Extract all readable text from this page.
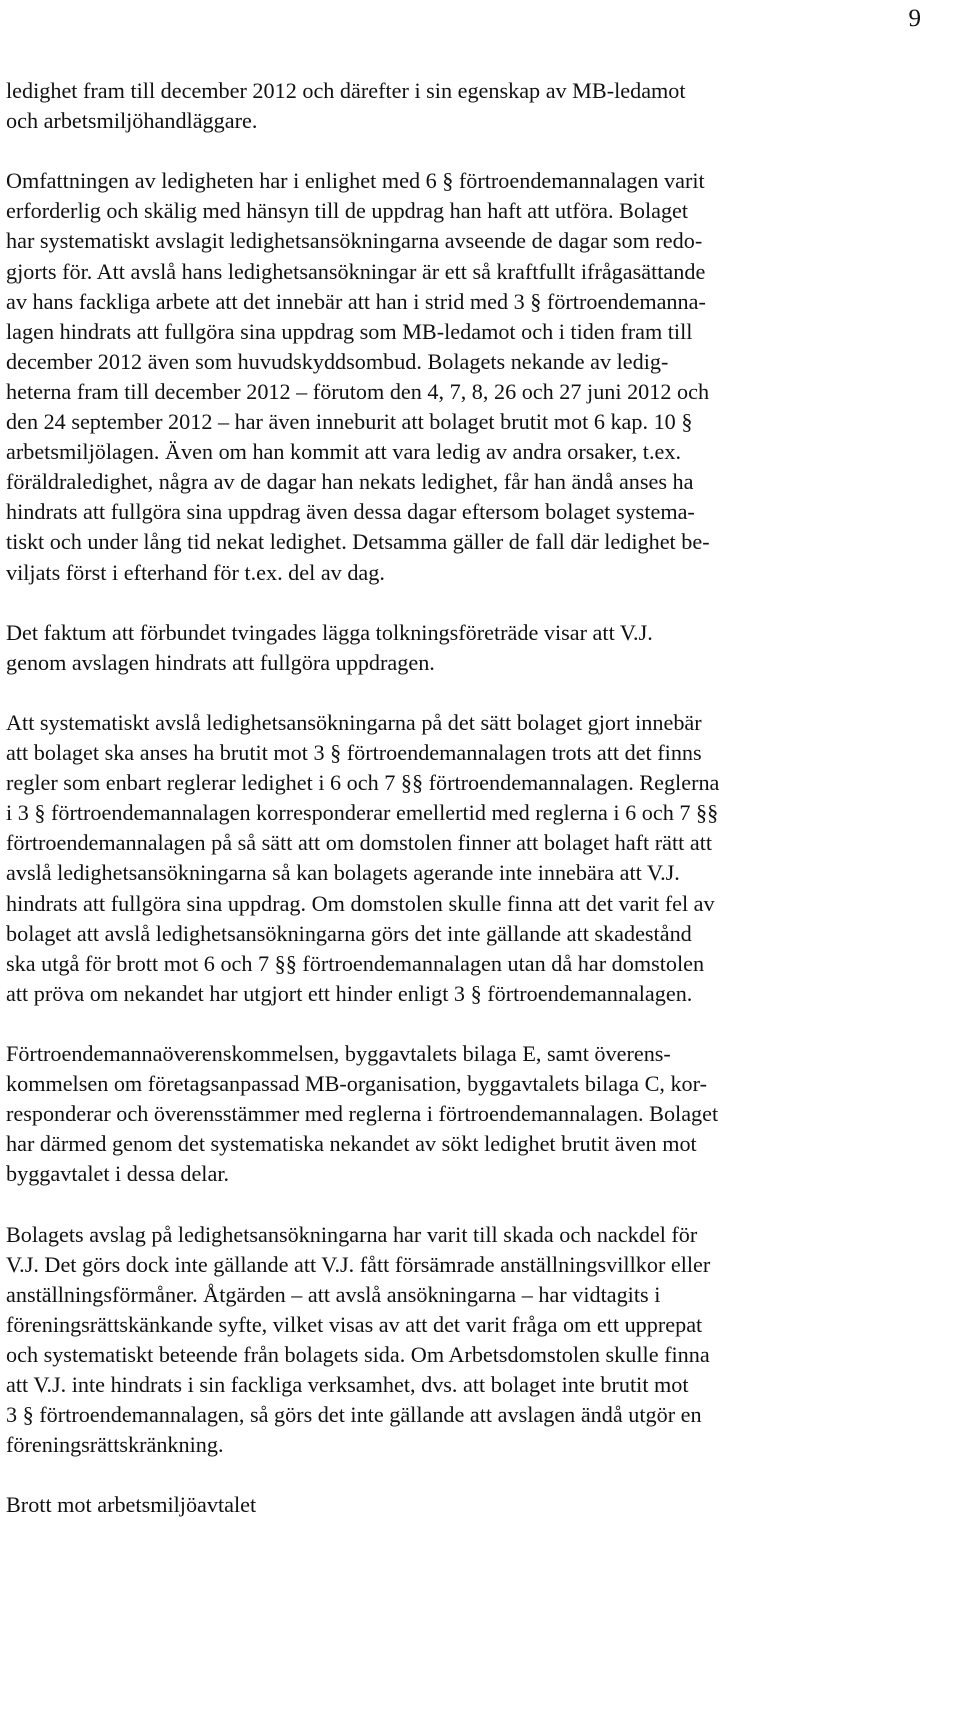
9
ledighet fram till december 2012 och därefter i sin egenskap av MB-ledamot
och arbetsmiljöhandläggare.
Omfattningen av ledigheten har i enlighet med 6 § förtroendemannalagen varit
erforderlig och skälig med hänsyn till de uppdrag han haft att utföra. Bolaget
har systematiskt avslagit ledighetsansökningarna avseende de dagar som redo-
gjorts för. Att avslå hans ledighetsansökningar är ett så kraftfullt ifrågasättande
av hans fackliga arbete att det innebär att han i strid med 3 § förtroendemanna-
lagen hindrats att fullgöra sina uppdrag som MB-ledamot och i tiden fram till
december 2012 även som huvudskyddsombud. Bolagets nekande av ledig-
heterna fram till december 2012 – förutom den 4, 7, 8, 26 och 27 juni 2012 och
den 24 september 2012 – har även inneburit att bolaget brutit mot 6 kap. 10 §
arbetsmiljölagen. Även om han kommit att vara ledig av andra orsaker, t.ex.
föräldraledighet, några av de dagar han nekats ledighet, får han ändå anses ha
hindrats att fullgöra sina uppdrag även dessa dagar eftersom bolaget systema-
tiskt och under lång tid nekat ledighet. Detsamma gäller de fall där ledighet be-
viljats först i efterhand för t.ex. del av dag.
Det faktum att förbundet tvingades lägga tolkningsföreträde visar att V.J.
genom avslagen hindrats att fullgöra uppdragen.
Att systematiskt avslå ledighetsansökningarna på det sätt bolaget gjort innebär
att bolaget ska anses ha brutit mot 3 § förtroendemannalagen trots att det finns
regler som enbart reglerar ledighet i 6 och 7 §§ förtroendemannalagen. Reglerna
i 3 § förtroendemannalagen korresponderar emellertid med reglerna i 6 och 7 §§
förtroendemannalagen på så sätt att om domstolen finner att bolaget haft rätt att
avslå ledighetsansökningarna så kan bolagets agerande inte innebära att V.J.
hindrats att fullgöra sina uppdrag. Om domstolen skulle finna att det varit fel av
bolaget att avslå ledighetsansökningarna görs det inte gällande att skadestånd
ska utgå för brott mot 6 och 7 §§ förtroendemannalagen utan då har domstolen
att pröva om nekandet har utgjort ett hinder enligt 3 § förtroendemannalagen.
Förtroendemannaöverenskommelsen, byggavtalets bilaga E, samt överens-
kommelsen om företagsanpassad MB-organisation, byggavtalets bilaga C, kor-
responderar och överensstämmer med reglerna i förtroendemannalagen. Bolaget
har därmed genom det systematiska nekandet av sökt ledighet brutit även mot
byggavtalet i dessa delar.
Bolagets avslag på ledighetsansökningarna har varit till skada och nackdel för
V.J. Det görs dock inte gällande att V.J. fått försämrade anställningsvillkor eller
anställningsförmåner. Åtgärden – att avslå ansökningarna – har vidtagits i
föreningsrättskänkande syfte, vilket visas av att det varit fråga om ett upprepat
och systematiskt beteende från bolagets sida. Om Arbetsdomstolen skulle finna
att V.J. inte hindrats i sin fackliga verksamhet, dvs. att bolaget inte brutit mot
3 § förtroendemannalagen, så görs det inte gällande att avslagen ändå utgör en
föreningsrättskränkning.
Brott mot arbetsmiljöavtalet
